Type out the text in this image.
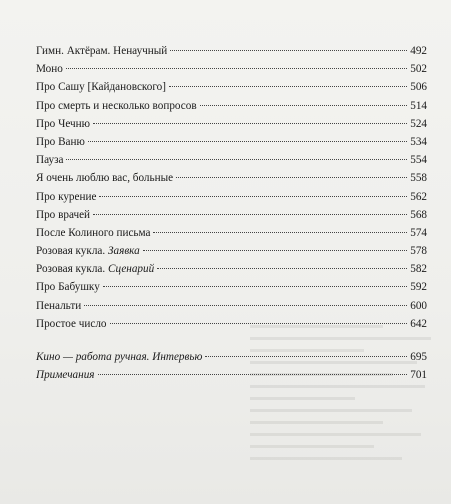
Гимн. Актёрам. Ненаучный	492
Моно	502
Про Сашу [Кайдановского]	506
Про смерть и несколько вопросов	514
Про Чечню	524
Про Ваню	534
Пауза	554
Я очень люблю вас, больные	558
Про курение	562
Про врачей	568
После Колиного письма	574
Розовая кукла. Заявка	578
Розовая кукла. Сценарий	582
Про Бабушку	592
Пенальти	600
Простое число	642
Кино — работа ручная. Интервью	695
Примечания	701
